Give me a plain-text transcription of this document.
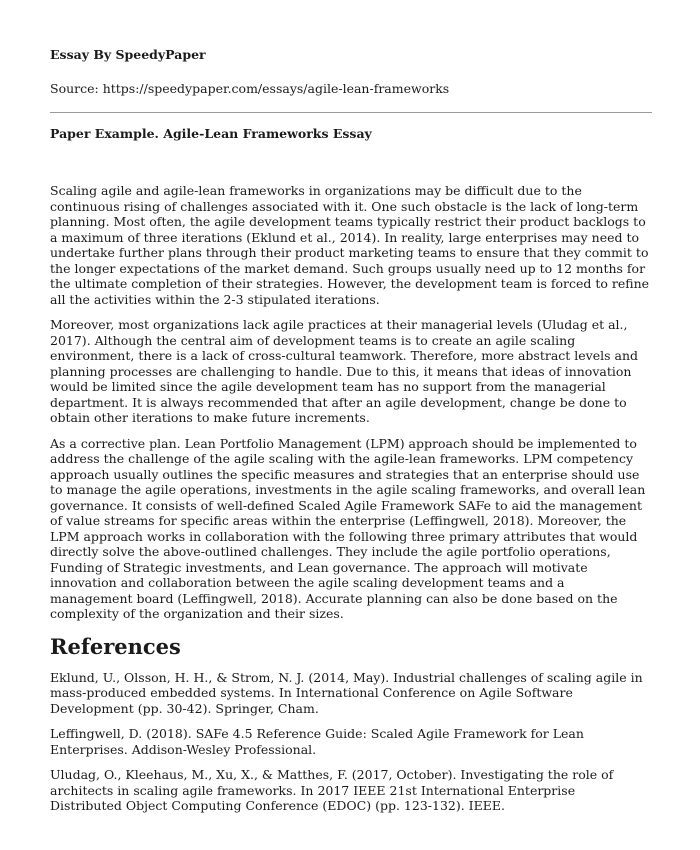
Essay By SpeedyPaper
Source: https://speedypaper.com/essays/agile-lean-frameworks
Paper Example. Agile-Lean Frameworks Essay

Scaling agile and agile-lean frameworks in organizations may be difficult due to the continuous rising of challenges associated with it. One such obstacle is the lack of long-term planning. Most often, the agile development teams typically restrict their product backlogs to a maximum of three iterations (Eklund et al., 2014). In reality, large enterprises may need to undertake further plans through their product marketing teams to ensure that they commit to the longer expectations of the market demand. Such groups usually need up to 12 months for the ultimate completion of their strategies. However, the development team is forced to refine all the activities within the 2-3 stipulated iterations.

Moreover, most organizations lack agile practices at their managerial levels (Uludag et al., 2017). Although the central aim of development teams is to create an agile scaling environment, there is a lack of cross-cultural teamwork. Therefore, more abstract levels and planning processes are challenging to handle. Due to this, it means that ideas of innovation would be limited since the agile development team has no support from the managerial department. It is always recommended that after an agile development, change be done to obtain other iterations to make future increments.

As a corrective plan. Lean Portfolio Management (LPM) approach should be implemented to address the challenge of the agile scaling with the agile-lean frameworks. LPM competency approach usually outlines the specific measures and strategies that an enterprise should use to manage the agile operations, investments in the agile scaling frameworks, and overall lean governance. It consists of well-defined Scaled Agile Framework SAFe to aid the management of value streams for specific areas within the enterprise (Leffingwell, 2018). Moreover, the LPM approach works in collaboration with the following three primary attributes that would directly solve the above-outlined challenges. They include the agile portfolio operations, Funding of Strategic investments, and Lean governance. The approach will motivate innovation and collaboration between the agile scaling development teams and a management board (Leffingwell, 2018). Accurate planning can also be done based on the complexity of the organization and their sizes.

References

Eklund, U., Olsson, H. H., & Strom, N. J. (2014, May). Industrial challenges of scaling agile in mass-produced embedded systems. In International Conference on Agile Software Development (pp. 30-42). Springer, Cham.

Leffingwell, D. (2018). SAFe 4.5 Reference Guide: Scaled Agile Framework for Lean Enterprises. Addison-Wesley Professional.

Uludag, O., Kleehaus, M., Xu, X., & Matthes, F. (2017, October). Investigating the role of architects in scaling agile frameworks. In 2017 IEEE 21st International Enterprise Distributed Object Computing Conference (EDOC) (pp. 123-132). IEEE.
